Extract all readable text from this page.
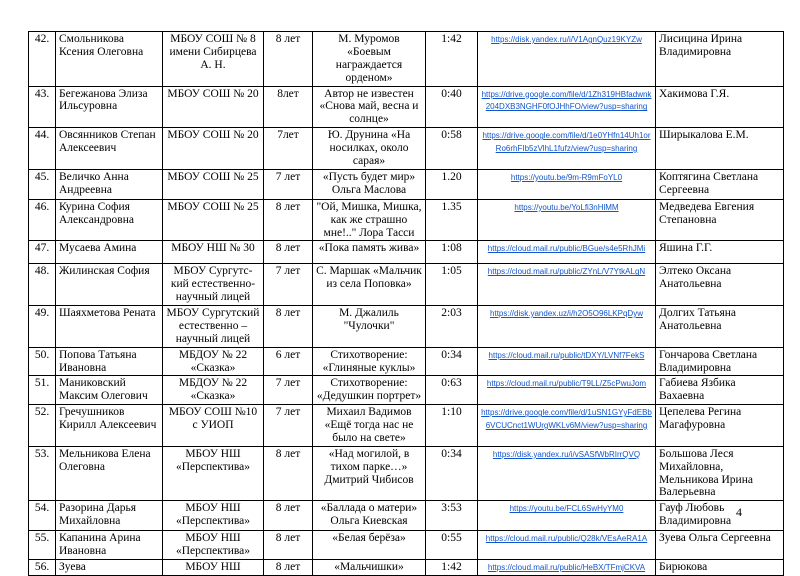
42.	Смольникова Ксения Олеговна	МБОУ СОШ № 8 имени Сибирцева А. Н.	8 лет	М. Муромов «Боевым награждается орденом»	1:42	https://disk.yandex.ru/i/V1AgnQuz19KYZw	Лисицина Ирина Владимировна
43.	Бегежанова Элиза Ильсуровна	МБОУ СОШ № 20	8лет	Автор не известен «Снова май, весна и солнце»	0:40	https://drive.google.com/file/d/1Zh319HBfadwnk204DXB3NGHF0fOJHhFO/view?usp=sharing	Хакимова Г.Я.
44.	Овсянников Степан Алексеевич	МБОУ СОШ № 20	7лет	Ю. Друнина «На носилках, около сарая»	0:58	https://drive.google.com/file/d/1e0YHfn14Uh1orRo6rhFIb5zVlhL1fufz/view?usp=sharing	Ширыкалова Е.М.
45.	Величко Анна Андреевна	МБОУ СОШ № 25	7 лет	«Пусть будет мир» Ольга Маслова	1.20	https://youtu.be/9m-R9mFoYL0	Коптягина Светлана Сергеевна
46.	Курина София Александровна	МБОУ СОШ № 25	8 лет	"Ой, Мишка, Мишка, как же страшно мне!.." Лора Тасси	1.35	https://youtu.be/YoLfi3nHlMM	Медведева Евгения Степановна
47.	Мусаева Амина	МБОУ НШ № 30	8 лет	«Пока память жива»	1:08	https://cloud.mail.ru/public/BGue/s4e5RhJMi	Яшина Г.Г.
48.	Жилинская София	МБОУ Сургутс-кий естественно-научный лицей	7 лет	С. Маршак «Мальчик из села Поповка»	1:05	https://cloud.mail.ru/public/ZYnL/V7YtkALgN	Элтеко Оксана Анатольевна
49.	Шаяхметова Рената	МБОУ Сургутский естественно – научный лицей	8 лет	М. Джалиль "Чулочки"	2:03	https://disk.yandex.uz/i/h2O5O96LKPqDyw	Долгих Татьяна Анатольевна
50.	Попова Татьяна Ивановна	МБДОУ № 22 «Сказка»	6 лет	Стихотворение: «Глиняные куклы»	0:34	https://cloud.mail.ru/public/tDXY/LVNf7FekS	Гончарова Светлана Владимировна
51.	Маниковский Максим Олегович	МБДОУ № 22 «Сказка»	7 лет	Стихотворение: «Дедушкин портрет»	0:63	https://cloud.mail.ru/public/T9LL/Z5cPwuJom	Габиева Язбика Вахаевна
52.	Гречушников Кирилл Алексеевич	МБОУ СОШ №10 с УИОП	7 лет	Михаил Вадимов «Ещё тогда нас не было на свете»	1:10	https://drive.google.com/file/d/1uSN1GYyFdEBb6VCUCnct1WUrgWKLv6M/view?usp=sharing	Цепелева Регина Магафуровна
53.	Мельникова Елена Олеговна	МБОУ НШ «Перспектива»	8 лет	«Над могилой, в тихом парке…» Дмитрий Чибисов	0:34	https://disk.yandex.ru/i/vSASfWbRIrrQVQ	Большова Леся Михайловна, Мельникова Ирина Валерьевна
54.	Разорина Дарья Михайловна	МБОУ НШ «Перспектива»	8 лет	«Баллада о матери» Ольга Киевская	3:53	https://youtu.be/FCL6SwHyYM0	Гауф Любовь Владимировна
55.	Капанина Арина Ивановна	МБОУ НШ «Перспектива»	8 лет	«Белая берёза»	0:55	https://cloud.mail.ru/public/Q28k/VEsAeRA1A	Зуева Ольга Сергеевна
56.	Зуева	МБОУ НШ	8 лет	«Мальчишки»	1:42	https://cloud.mail.ru/public/HeBX/TFmjCKVA	Бирюкова
4
